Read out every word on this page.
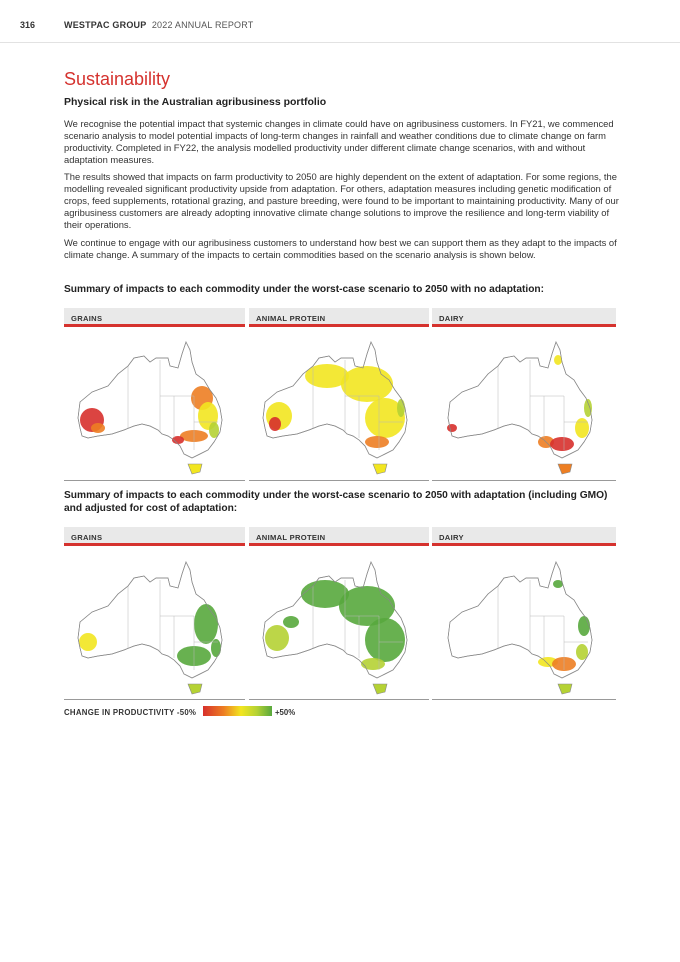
316	WESTPAC GROUP 2022 ANNUAL REPORT
Sustainability
Physical risk in the Australian agribusiness portfolio

We recognise the potential impact that systemic changes in climate could have on agribusiness customers. In FY21, we commenced scenario analysis to model potential impacts of long-term changes in rainfall and weather conditions due to climate change on farm productivity. Completed in FY22, the analysis modelled productivity under different climate change scenarios, with and without adaptation measures.

The results showed that impacts on farm productivity to 2050 are highly dependent on the extent of adaptation. For some regions, the modelling revealed significant productivity upside from adaptation. For others, adaptation measures including genetic modification of crops, feed supplements, rotational grazing, and pasture breeding, were found to be important to maintaining productivity. Many of our agribusiness customers are already adopting innovative climate change solutions to improve the resilience and long-term viability of their operations.

We continue to engage with our agribusiness customers to understand how best we can support them as they adapt to the impacts of climate change. A summary of the impacts to certain commodities based on the scenario analysis is shown below.

Summary of impacts to each commodity under the worst-case scenario to 2050 with no adaptation:

GRAINS	ANIMAL PROTEIN	DAIRY

Summary of impacts to each commodity under the worst-case scenario to 2050 with adaptation (including GMO) and adjusted for cost of adaptation:

GRAINS	ANIMAL PROTEIN	DAIRY
CHANGE IN PRODUCTIVITY -50%	+50%
